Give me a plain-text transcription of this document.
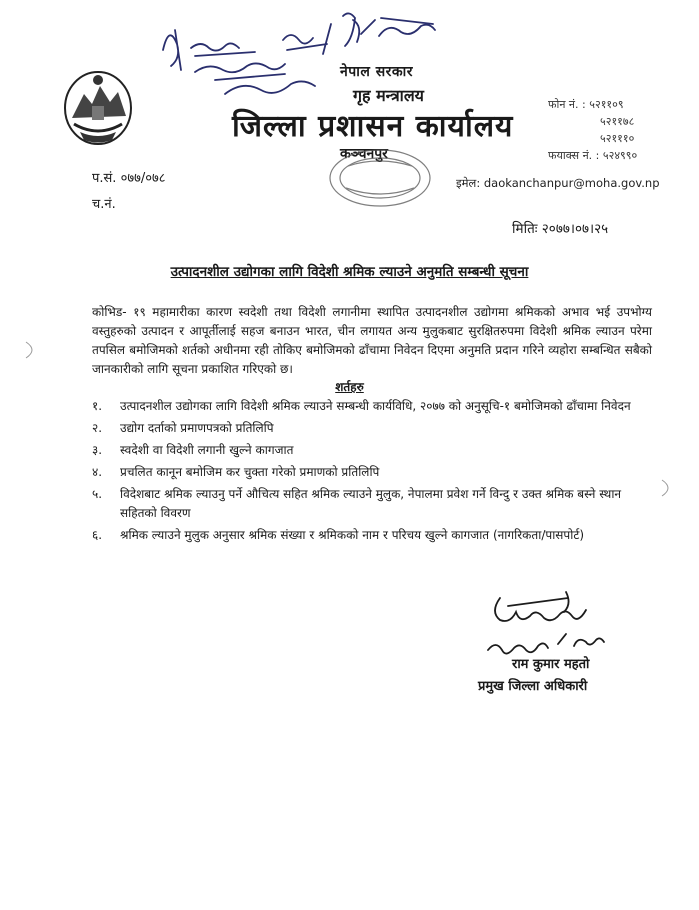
नेपाल सरकार
गृह मन्त्रालय
जिल्ला प्रशासन कार्यालय
कञ्चनपुर
फोन नं. : ५२११०९
५२११७८
५२१११०
फयाक्स नं. : ५२४९९०
इमेल: daokanchanpur@moha.gov.np
प.सं. ०७७/०७८
च.नं.
मितिः २०७७।०७।२५
उत्पादनशील उद्योगका लागि विदेशी श्रमिक ल्याउने अनुमति सम्बन्धी सूचना
कोभिड- १९ महामारीका कारण स्वदेशी तथा विदेशी लगानीमा स्थापित उत्पादनशील उद्योगमा श्रमिकको अभाव भई उपभोग्य वस्तुहरुको उत्पादन र आपूर्तीलाई सहज बनाउन भारत, चीन लगायत अन्य मुलुकबाट सुरक्षितरुपमा विदेशी श्रमिक ल्याउन परेमा तपसिल बमोजिमको शर्तको अधीनमा रही तोकिए बमोजिमको ढाँचामा निवेदन दिएमा अनुमति प्रदान गरिने व्यहोरा सम्बन्धित सबैको जानकारीको लागि सूचना प्रकाशित गरिएको छ।
शर्तहरु
१. उत्पादनशील उद्योगका लागि विदेशी श्रमिक ल्याउने सम्बन्धी कार्यविधि, २०७७ को अनुसूचि-१ बमोजिमको ढाँचामा निवेदन
२. उद्योग दर्ताको प्रमाणपत्रको प्रतिलिपि
३. स्वदेशी वा विदेशी लगानी खुल्ने कागजात
४. प्रचलित कानून बमोजिम कर चुक्ता गरेको प्रमाणको प्रतिलिपि
५. विदेशबाट श्रमिक ल्याउनु पर्ने औचित्य सहित श्रमिक ल्याउने मुलुक, नेपालमा प्रवेश गर्ने विन्दु र उक्त श्रमिक बस्ने स्थान सहितको विवरण
६. श्रमिक ल्याउने मुलुक अनुसार श्रमिक संख्या र श्रमिकको नाम र परिचय खुल्ने कागजात (नागरिकता/पासपोर्ट)
राम कुमार महतो
प्रमुख जिल्ला अधिकारी
